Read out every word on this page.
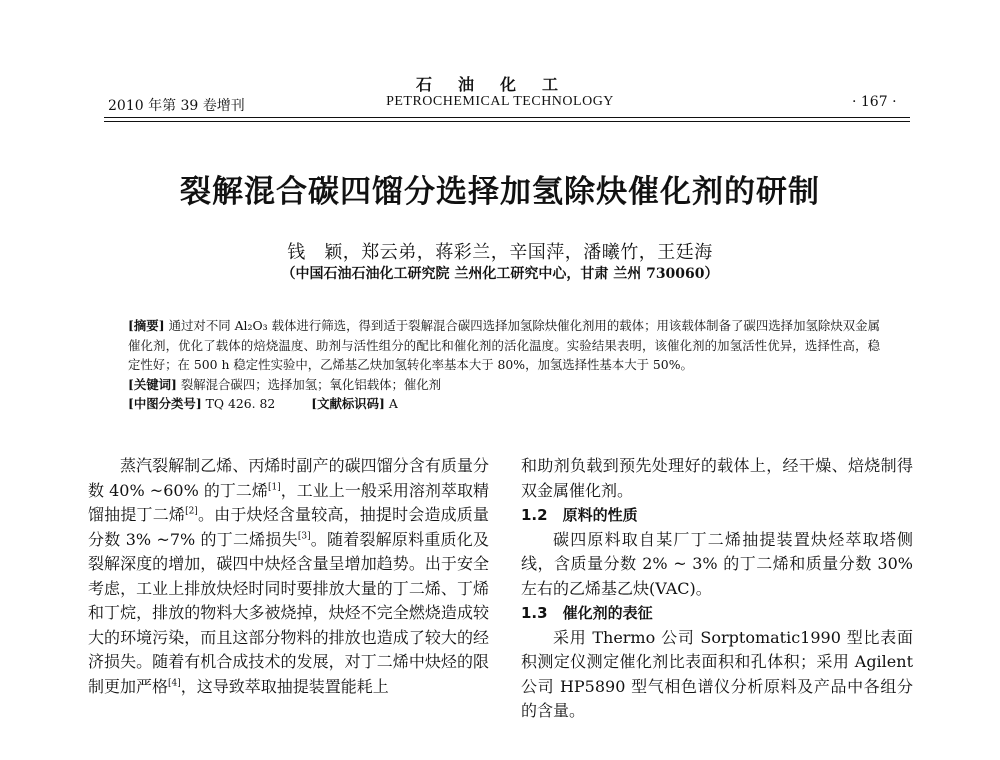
石油化工
2010 年第 39 卷增刊	PETROCHEMICAL TECHNOLOGY	· 167 ·
裂解混合碳四馏分选择加氢除炔催化剂的研制
钱　颖，郑云弟，蒋彩兰，辛国萍，潘曦竹，王廷海
（中国石油石油化工研究院 兰州化工研究中心，甘肃 兰州 730060）

[摘要] 通过对不同 Al₂O₃ 载体进行筛选，得到适于裂解混合碳四选择加氢除炔催化剂用的载体；用该载体制备了碳四选择加氢除炔双金属催化剂，优化了载体的焙烧温度、助剂与活性组分的配比和催化剂的活化温度。实验结果表明，该催化剂的加氢活性优异，选择性高，稳定性好；在 500 h 稳定性实验中，乙烯基乙炔加氢转化率基本大于 80%，加氢选择性基本大于 50%。

[关键词] 裂解混合碳四；选择加氢；氧化铝载体；催化剂
[中图分类号] TQ 426. 82	[文献标识码] A

蒸汽裂解制乙烯、丙烯时副产的碳四馏分含有质量分数 40% ~60% 的丁二烯[1]，工业上一般采用溶剂萃取精馏抽提丁二烯[2]。由于炔烃含量较高，抽提时会造成质量分数 3% ~7% 的丁二烯损失[3]。随着裂解原料重质化及裂解深度的增加，碳四中炔烃含量呈增加趋势。出于安全考虑，工业上排放炔烃时同时要排放大量的丁二烯、丁烯和丁烷，排放的物料大多被烧掉，炔烃不完全燃烧造成较大的环境污染，而且这部分物料的排放也造成了较大的经济损失。随着有机合成技术的发展，对丁二烯中炔烃的限制更加严格[4]，这导致萃取抽提装置能耗上

和助剂负载到预先处理好的载体上，经干燥、焙烧制得双金属催化剂。

1.2　原料的性质

碳四原料取自某厂丁二烯抽提装置炔烃萃取塔侧线，含质量分数 2% ~ 3% 的丁二烯和质量分数 30% 左右的乙烯基乙炔(VAC)。

1.3　催化剂的表征

采用 Thermo 公司 Sorptomatic1990 型比表面积测定仪测定催化剂比表面积和孔体积；采用 Agilent 公司 HP5890 型气相色谱仪分析原料及产品中各组分的含量。
